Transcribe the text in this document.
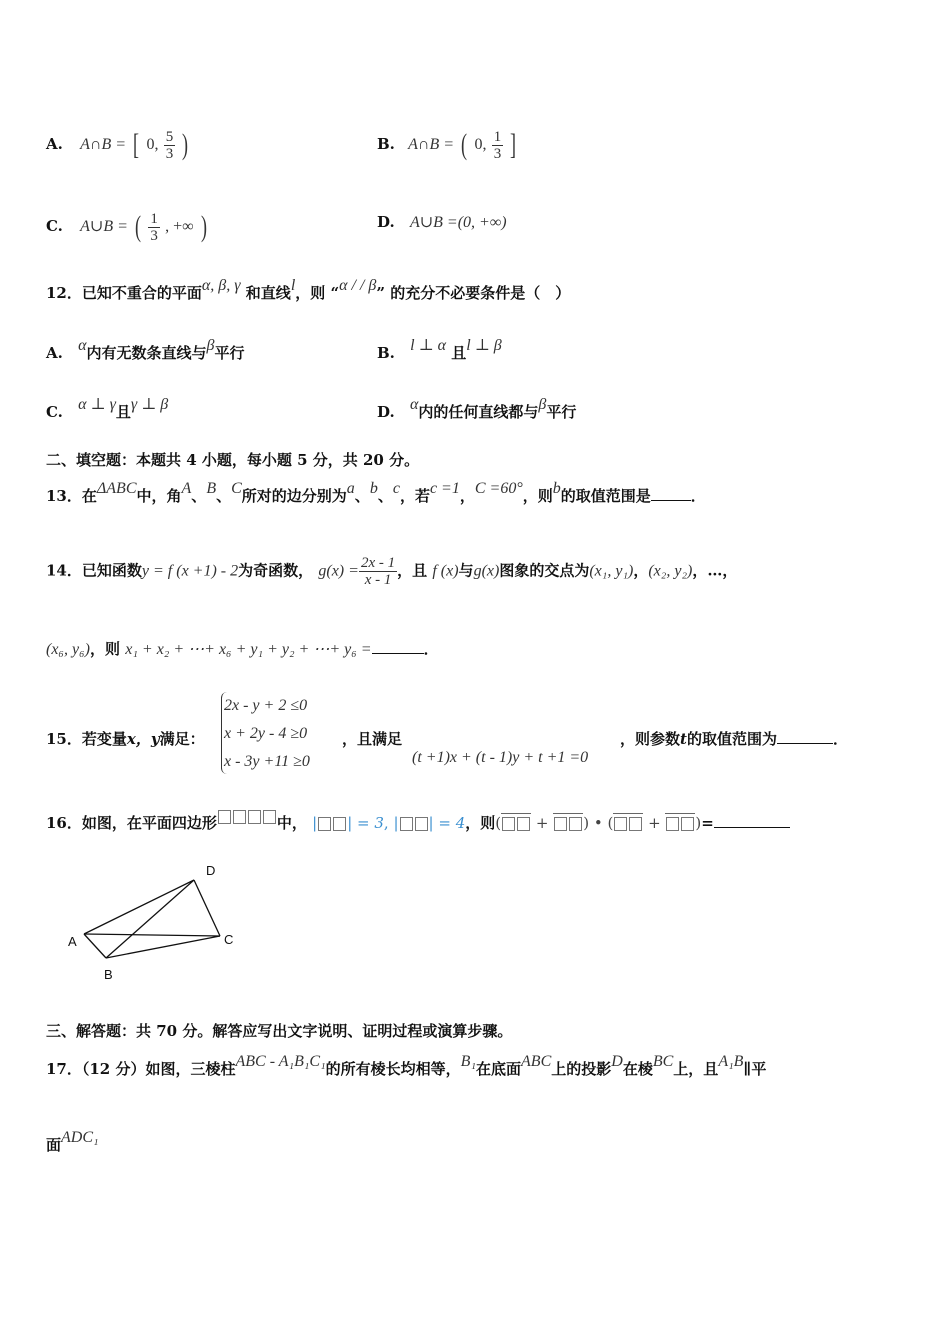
A. A∩B = [ 0, $\frac{5}{3}$ )	B. A∩B = ( 0, $\frac{1}{3}$ ]
C. A∪B = ( $\frac{1}{3}$ , +∞ )	D. A∪B =(0, +∞)
12．已知不重合的平面α, β, γ 和直线l，则 “α / / β” 的充分不必要条件是（　）
A. α内有无数条直线与β平行	B. l ⊥ α 且l ⊥ β
C. α ⊥ γ且γ ⊥ β	D. α内的任何直线都与β平行
二、填空题：本题共 4 小题，每小题 5 分，共 20 分。
13．在ΔABC中，角A、B、C所对的边分别为a、b、c，若c =1，C =60°，则b的取值范围是	．
14．已知函数y = f (x +1) - 2为奇函数， $g(x) = \frac{2x - 1}{x - 1}$ ，且 f (x)与g(x)图象的交点为(x₁, y₁)，(x₂, y₂)，…，
(x₆, y₆)，则 x₁ + x₂ + ⋯+ x₆ + y₁ + y₂ + ⋯+ y₆ =	．
2x - y + 2 ≤0
x + 2y - 4 ≥0
x - 3y +11 ≥0
15．若变量x，y满足：	，且满足
(t +1)x + (t - 1)y + t +1 =0
，则参数t的取值范围为	．
16．如图，在平面四边形	中， | | = 3, | | = 4，则( + ) • ( + )=
A
B
C
D
三、解答题：共 70 分。解答应写出文字说明、证明过程或演算步骤。
17．（12 分）如图，三棱柱ABC - A₁B₁C₁的所有棱长均相等，B₁在底面ABC上的投影D在棱BC上，且A₁B∥平
面ADC₁
